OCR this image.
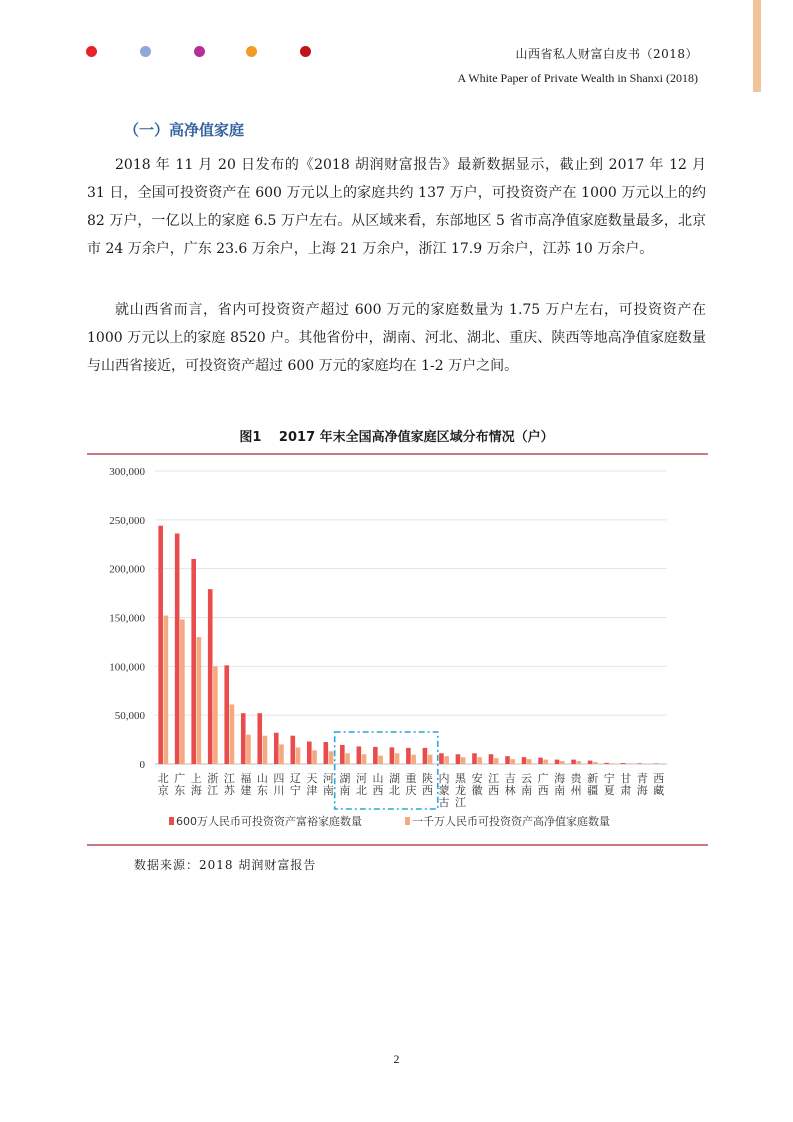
山西省私人财富白皮书（2018）
A White Paper of Private Wealth in Shanxi (2018)
（一）高净值家庭

2018 年 11 月 20 日发布的《2018 胡润财富报告》最新数据显示，截止到 2017 年 12 月 31 日，全国可投资资产在 600 万元以上的家庭共约 137 万户，可投资资产在 1000 万元以上的约 82 万户，一亿以上的家庭 6.5 万户左右。从区域来看，东部地区 5 省市高净值家庭数量最多，北京市 24 万余户，广东 23.6 万余户，上海 21 万余户，浙江 17.9 万余户，江苏 10 万余户。

就山西省而言，省内可投资资产超过 600 万元的家庭数量为 1.75 万户左右，可投资资产在 1000 万元以上的家庭 8520 户。其他省份中，湖南、河北、湖北、重庆、陕西等地高净值家庭数量与山西省接近，可投资资产超过 600 万元的家庭均在 1-2 万户之间。

图1　 2017 年末全国高净值家庭区域分布情况（户）
0
50,000
100,000
150,000
200,000
250,000
300,000
北京
广东
上海
浙江
江苏
福建
山东
四川
辽宁
天津
河南
湖南
河北
山西
湖北
重庆
陕西
内蒙古
黑龙江
安徽
江西
吉林
云南
广西
海南
贵州
新疆
宁夏
甘肃
青海
西藏
600万人民币可投资资产富裕家庭数量	一千万人民币可投资资产高净值家庭数量
数据来源：2018 胡润财富报告
2
